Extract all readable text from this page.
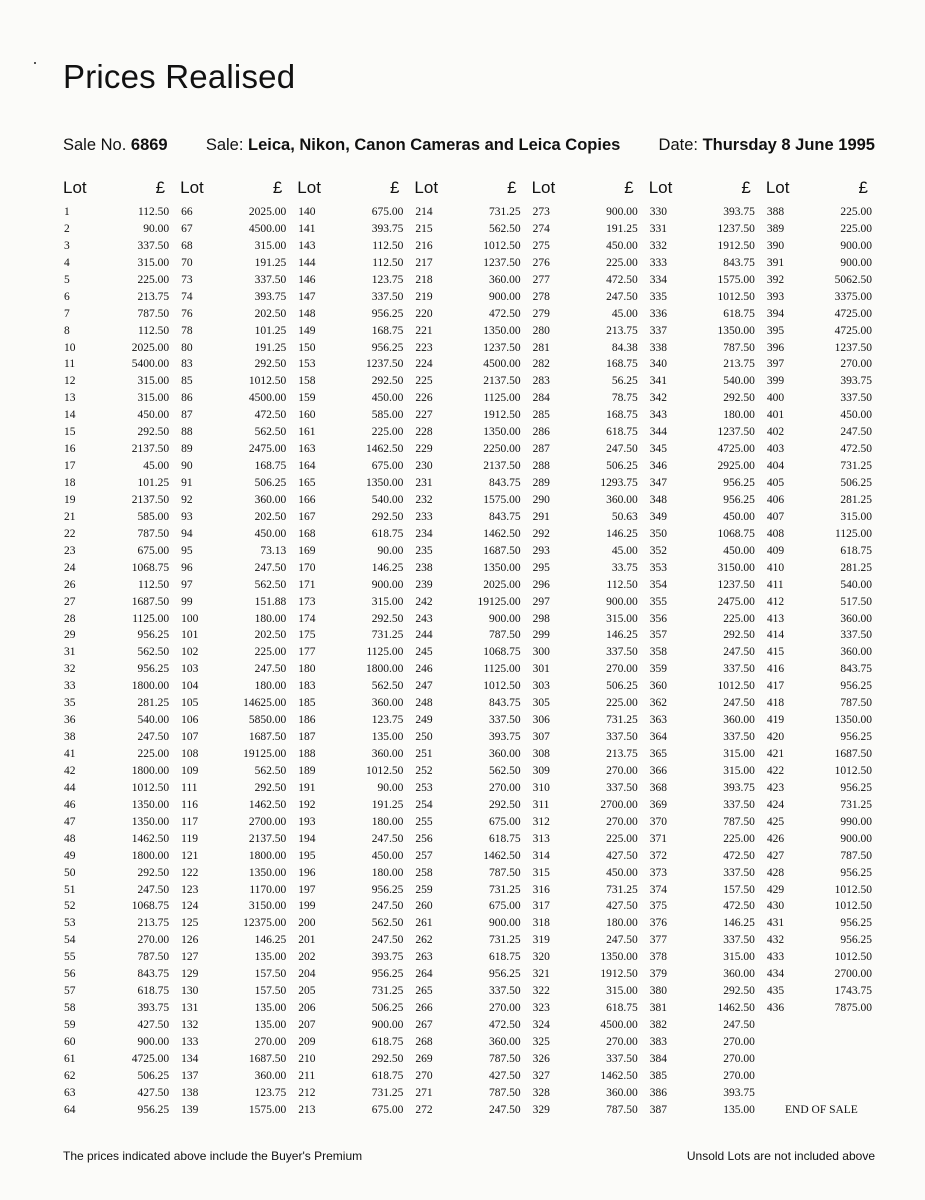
Prices Realised
Sale No. 6869 Sale: Leica, Nikon, Canon Cameras and Leica Copies Date: Thursday 8 June 1995
Lot	£
1	112.50
2	90.00
3	337.50
4	315.00
5	225.00
6	213.75
7	787.50
8	112.50
10	2025.00
11	5400.00
12	315.00
13	315.00
14	450.00
15	292.50
16	2137.50
17	45.00
18	101.25
19	2137.50
21	585.00
22	787.50
23	675.00
24	1068.75
26	112.50
27	1687.50
28	1125.00
29	956.25
31	562.50
32	956.25
33	1800.00
35	281.25
36	540.00
38	247.50
41	225.00
42	1800.00
44	1012.50
46	1350.00
47	1350.00
48	1462.50
49	1800.00
50	292.50
51	247.50
52	1068.75
53	213.75
54	270.00
55	787.50
56	843.75
57	618.75
58	393.75
59	427.50
60	900.00
61	4725.00
62	506.25
63	427.50
64	956.25
Lot	£
66	2025.00
67	4500.00
68	315.00
70	191.25
73	337.50
74	393.75
76	202.50
78	101.25
80	191.25
83	292.50
85	1012.50
86	4500.00
87	472.50
88	562.50
89	2475.00
90	168.75
91	506.25
92	360.00
93	202.50
94	450.00
95	73.13
96	247.50
97	562.50
99	151.88
100	180.00
101	202.50
102	225.00
103	247.50
104	180.00
105	14625.00
106	5850.00
107	1687.50
108	19125.00
109	562.50
111	292.50
116	1462.50
117	2700.00
119	2137.50
121	1800.00
122	1350.00
123	1170.00
124	3150.00
125	12375.00
126	146.25
127	135.00
129	157.50
130	157.50
131	135.00
132	135.00
133	270.00
134	1687.50
137	360.00
138	123.75
139	1575.00
Lot	£
140	675.00
141	393.75
143	112.50
144	112.50
146	123.75
147	337.50
148	956.25
149	168.75
150	956.25
153	1237.50
158	292.50
159	450.00
160	585.00
161	225.00
163	1462.50
164	675.00
165	1350.00
166	540.00
167	292.50
168	618.75
169	90.00
170	146.25
171	900.00
173	315.00
174	292.50
175	731.25
177	1125.00
180	1800.00
183	562.50
185	360.00
186	123.75
187	135.00
188	360.00
189	1012.50
191	90.00
192	191.25
193	180.00
194	247.50
195	450.00
196	180.00
197	956.25
199	247.50
200	562.50
201	247.50
202	393.75
204	956.25
205	731.25
206	506.25
207	900.00
209	618.75
210	292.50
211	618.75
212	731.25
213	675.00
Lot	£
214	731.25
215	562.50
216	1012.50
217	1237.50
218	360.00
219	900.00
220	472.50
221	1350.00
223	1237.50
224	4500.00
225	2137.50
226	1125.00
227	1912.50
228	1350.00
229	2250.00
230	2137.50
231	843.75
232	1575.00
233	843.75
234	1462.50
235	1687.50
238	1350.00
239	2025.00
242	19125.00
243	900.00
244	787.50
245	1068.75
246	1125.00
247	1012.50
248	843.75
249	337.50
250	393.75
251	360.00
252	562.50
253	270.00
254	292.50
255	675.00
256	618.75
257	1462.50
258	787.50
259	731.25
260	675.00
261	900.00
262	731.25
263	618.75
264	956.25
265	337.50
266	270.00
267	472.50
268	360.00
269	787.50
270	427.50
271	787.50
272	247.50
Lot	£
273	900.00
274	191.25
275	450.00
276	225.00
277	472.50
278	247.50
279	45.00
280	213.75
281	84.38
282	168.75
283	56.25
284	78.75
285	168.75
286	618.75
287	247.50
288	506.25
289	1293.75
290	360.00
291	50.63
292	146.25
293	45.00
295	33.75
296	112.50
297	900.00
298	315.00
299	146.25
300	337.50
301	270.00
303	506.25
305	225.00
306	731.25
307	337.50
308	213.75
309	270.00
310	337.50
311	2700.00
312	270.00
313	225.00
314	427.50
315	450.00
316	731.25
317	427.50
318	180.00
319	247.50
320	1350.00
321	1912.50
322	315.00
323	618.75
324	4500.00
325	270.00
326	337.50
327	1462.50
328	360.00
329	787.50
Lot	£
330	393.75
331	1237.50
332	1912.50
333	843.75
334	1575.00
335	1012.50
336	618.75
337	1350.00
338	787.50
340	213.75
341	540.00
342	292.50
343	180.00
344	1237.50
345	4725.00
346	2925.00
347	956.25
348	956.25
349	450.00
350	1068.75
352	450.00
353	3150.00
354	1237.50
355	2475.00
356	225.00
357	292.50
358	247.50
359	337.50
360	1012.50
362	247.50
363	360.00
364	337.50
365	315.00
366	315.00
368	393.75
369	337.50
370	787.50
371	225.00
372	472.50
373	337.50
374	157.50
375	472.50
376	146.25
377	337.50
378	315.00
379	360.00
380	292.50
381	1462.50
382	247.50
383	270.00
384	270.00
385	270.00
386	393.75
387	135.00
Lot	£
388	225.00
389	225.00
390	900.00
391	900.00
392	5062.50
393	3375.00
394	4725.00
395	4725.00
396	1237.50
397	270.00
399	393.75
400	337.50
401	450.00
402	247.50
403	472.50
404	731.25
405	506.25
406	281.25
407	315.00
408	1125.00
409	618.75
410	281.25
411	540.00
412	517.50
413	360.00
414	337.50
415	360.00
416	843.75
417	956.25
418	787.50
419	1350.00
420	956.25
421	1687.50
422	1012.50
423	956.25
424	731.25
425	990.00
426	900.00
427	787.50
428	956.25
429	1012.50
430	1012.50
431	956.25
432	956.25
433	1012.50
434	2700.00
435	1743.75
436	7875.00
END OF SALE
The prices indicated above include the Buyer's Premium	Unsold Lots are not included above
